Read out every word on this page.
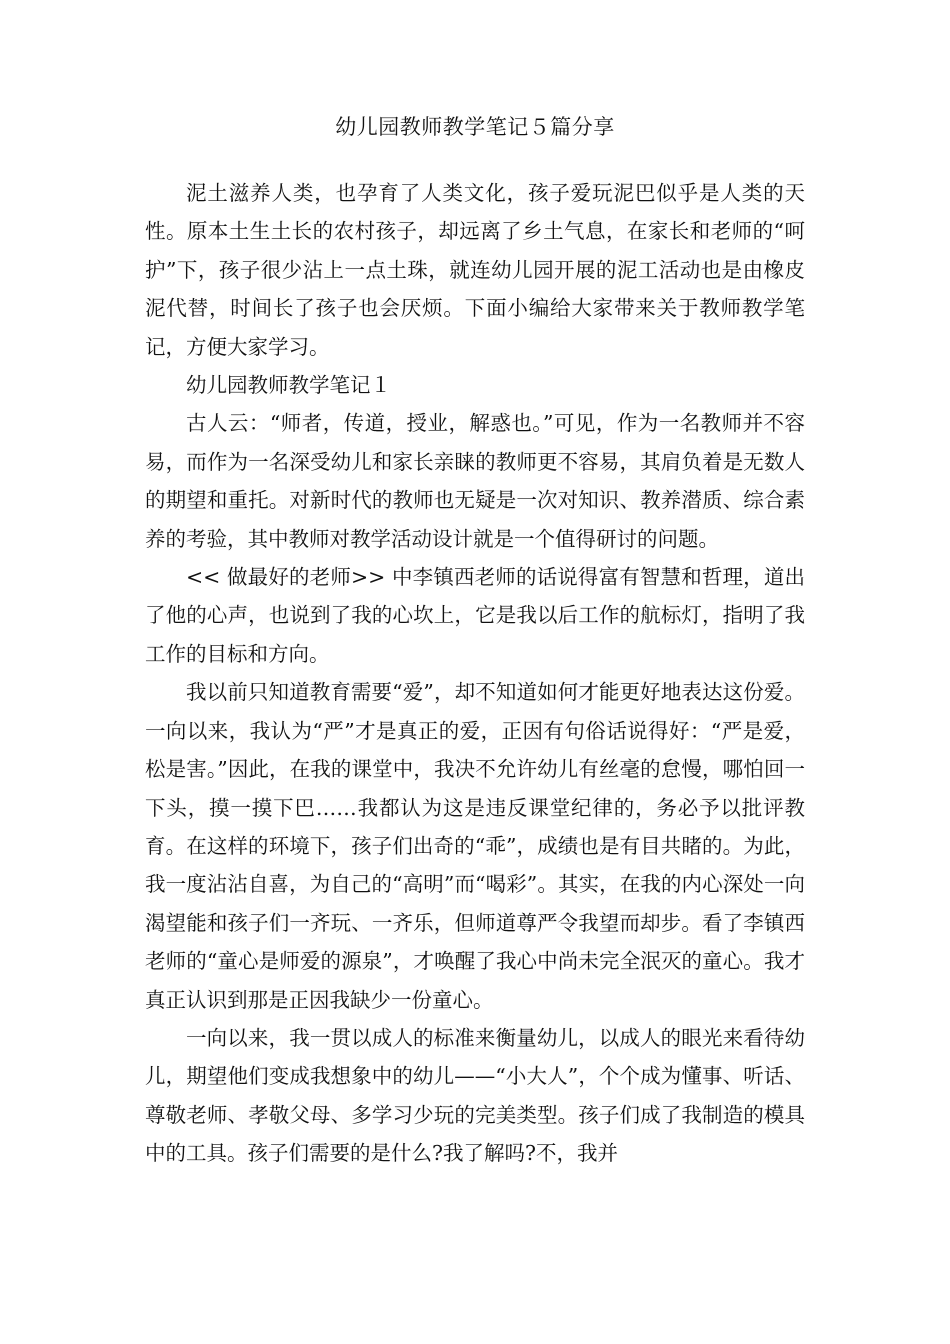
幼儿园教师教学笔记５篇分享

泥土滋养人类，也孕育了人类文化，孩子爱玩泥巴似乎是人类的天性。原本土生土长的农村孩子，却远离了乡土气息，在家长和老师的“呵护”下，孩子很少沾上一点土珠，就连幼儿园开展的泥工活动也是由橡皮泥代替，时间长了孩子也会厌烦。下面小编给大家带来关于教师教学笔记，方便大家学习。

幼儿园教师教学笔记１

古人云：“师者，传道，授业，解惑也。”可见，作为一名教师并不容易，而作为一名深受幼儿和家长亲睐的教师更不容易，其肩负着是无数人的期望和重托。对新时代的教师也无疑是一次对知识、教养潜质、综合素养的考验，其中教师对教学活动设计就是一个值得研讨的问题。

<< 做最好的老师>> 中李镇西老师的话说得富有智慧和哲理，道出了他的心声，也说到了我的心坎上，它是我以后工作的航标灯，指明了我工作的目标和方向。

我以前只知道教育需要“爱”，却不知道如何才能更好地表达这份爱。一向以来，我认为“严”才是真正的爱，正因有句俗话说得好：“严是爱，松是害。”因此，在我的课堂中，我决不允许幼儿有丝毫的怠慢，哪怕回一下头，摸一摸下巴……我都认为这是违反课堂纪律的，务必予以批评教育。在这样的环境下，孩子们出奇的“乖”，成绩也是有目共睹的。为此，我一度沾沾自喜，为自己的“高明”而“喝彩”。其实，在我的内心深处一向渴望能和孩子们一齐玩、一齐乐，但师道尊严令我望而却步。看了李镇西老师的“童心是师爱的源泉”，才唤醒了我心中尚未完全泯灭的童心。我才真正认识到那是正因我缺少一份童心。

一向以来，我一贯以成人的标准来衡量幼儿，以成人的眼光来看待幼儿，期望他们变成我想象中的幼儿——“小大人”，个个成为懂事、听话、尊敬老师、孝敬父母、多学习少玩的完美类型。孩子们成了我制造的模具中的工具。孩子们需要的是什么?我了解吗?不，我并
